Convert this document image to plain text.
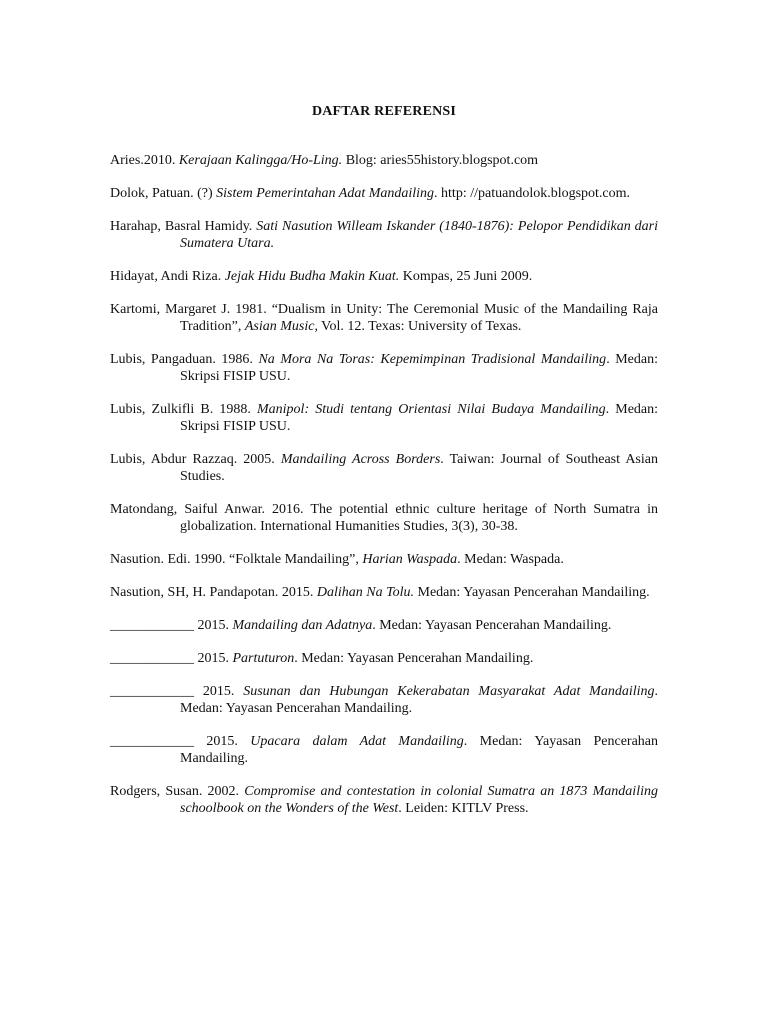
DAFTAR REFERENSI
Aries.2010. Kerajaan Kalingga/Ho-Ling. Blog: aries55history.blogspot.com
Dolok, Patuan. (?) Sistem Pemerintahan Adat Mandailing. http: //patuandolok.blogspot.com.
Harahap, Basral Hamidy. Sati Nasution Willeam Iskander (1840-1876): Pelopor Pendidikan dari Sumatera Utara.
Hidayat, Andi Riza. Jejak Hidu Budha Makin Kuat. Kompas, 25 Juni 2009.
Kartomi, Margaret J. 1981. “Dualism in Unity: The Ceremonial Music of the Mandailing Raja Tradition”, Asian Music, Vol. 12. Texas: University of Texas.
Lubis, Pangaduan. 1986. Na Mora Na Toras: Kepemimpinan Tradisional Mandailing. Medan: Skripsi FISIP USU.
Lubis, Zulkifli B. 1988. Manipol: Studi tentang Orientasi Nilai Budaya Mandailing. Medan: Skripsi FISIP USU.
Lubis, Abdur Razzaq. 2005. Mandailing Across Borders. Taiwan: Journal of Southeast Asian Studies.
Matondang, Saiful Anwar. 2016. The potential ethnic culture heritage of North Sumatra in globalization. International Humanities Studies, 3(3), 30-38.
Nasution. Edi. 1990. “Folktale Mandailing”, Harian Waspada. Medan: Waspada.
Nasution, SH, H. Pandapotan. 2015. Dalihan Na Tolu. Medan: Yayasan Pencerahan Mandailing.
____________ 2015. Mandailing dan Adatnya. Medan: Yayasan Pencerahan Mandailing.
____________ 2015. Partuturon. Medan: Yayasan Pencerahan Mandailing.
____________ 2015. Susunan dan Hubungan Kekerabatan Masyarakat Adat Mandailing. Medan: Yayasan Pencerahan Mandailing.
____________ 2015. Upacara dalam Adat Mandailing. Medan: Yayasan Pencerahan Mandailing.
Rodgers, Susan. 2002. Compromise and contestation in colonial Sumatra an 1873 Mandailing schoolbook on the Wonders of the West. Leiden: KITLV Press.
